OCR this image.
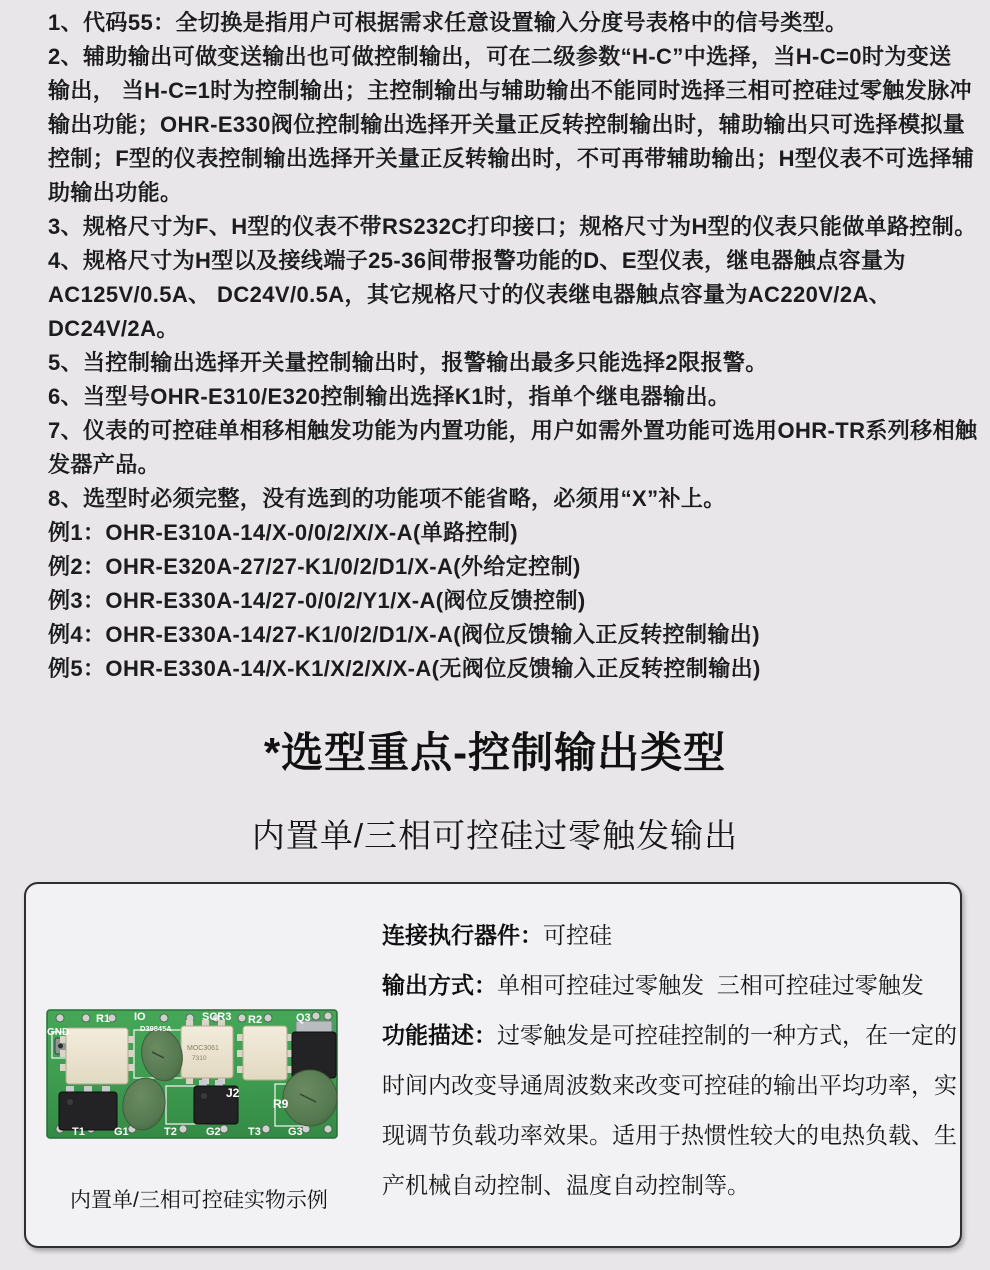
1、代码55：全切换是指用户可根据需求任意设置输入分度号表格中的信号类型。
2、辅助输出可做变送输出也可做控制输出，可在二级参数“H-C”中选择，当H-C=0时为变送
输出， 当H-C=1时为控制输出；主控制输出与辅助输出不能同时选择三相可控硅过零触发脉冲
输出功能；OHR-E330阀位控制输出选择开关量正反转控制输出时，辅助输出只可选择模拟量
控制；F型的仪表控制输出选择开关量正反转输出时，不可再带辅助输出；H型仪表不可选择辅
助输出功能。
3、规格尺寸为F、H型的仪表不带RS232C打印接口；规格尺寸为H型的仪表只能做单路控制。
4、规格尺寸为H型以及接线端子25-36间带报警功能的D、E型仪表，继电器触点容量为
AC125V/0.5A、 DC24V/0.5A，其它规格尺寸的仪表继电器触点容量为AC220V/2A、
DC24V/2A。
5、当控制输出选择开关量控制输出时，报警输出最多只能选择2限报警。
6、当型号OHR-E310/E320控制输出选择K1时，指单个继电器输出。
7、仪表的可控硅单相移相触发功能为内置功能，用户如需外置功能可选用OHR-TR系列移相触
发器产品。
8、选型时必须完整，没有选到的功能项不能省略，必须用“X”补上。
例1：OHR-E310A-14/X-0/0/2/X/X-A(单路控制)
例2：OHR-E320A-27/27-K1/0/2/D1/X-A(外给定控制)
例3：OHR-E330A-14/27-0/0/2/Y1/X-A(阀位反馈控制)
例4：OHR-E330A-14/27-K1/0/2/D1/X-A(阀位反馈输入正反转控制输出)
例5：OHR-E330A-14/X-K1/X/2/X/X-A(无阀位反馈输入正反转控制输出)
*选型重点-控制输出类型
内置单/三相可控硅过零触发输出
MOC3061
7310
GND
R1 IO
D39845A
SCR3 R2	Q3
J2
R9
T1	G1	T2	G2 T3 G3
内置单/三相可控硅实物示例
连接执行器件：可控硅
输出方式：单相可控硅过零触发  三相可控硅过零触发
功能描述：过零触发是可控硅控制的一种方式，在一定的时间内改变导通周波数来改变可控硅的输出平均功率，实现调节负载功率效果。适用于热惯性较大的电热负载、生产机械自动控制、温度自动控制等。
